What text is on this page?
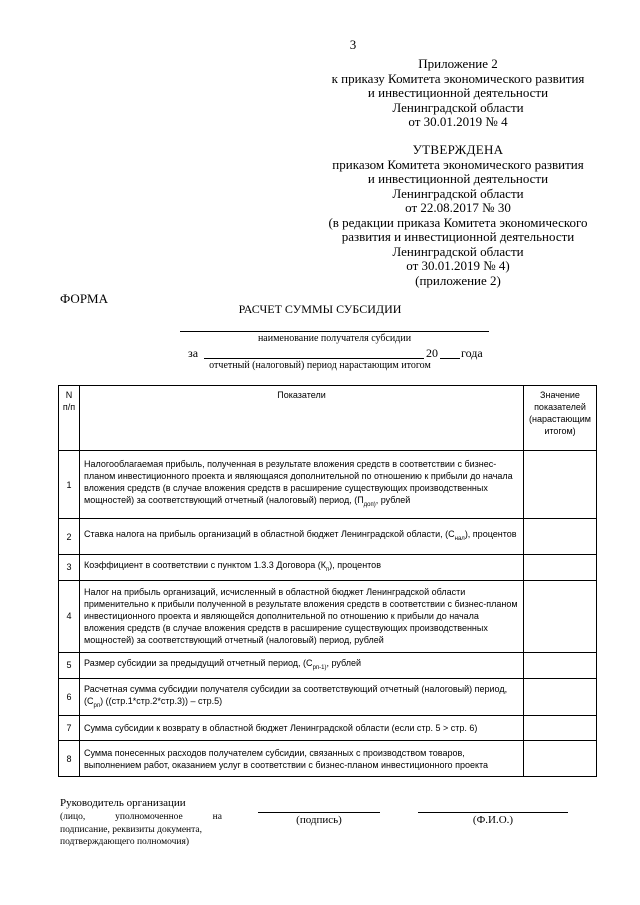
3
Приложение 2
к приказу Комитета экономического развития
и инвестиционной деятельности
Ленинградской области
от 30.01.2019 № 4
УТВЕРЖДЕНА
приказом Комитета экономического развития
и инвестиционной деятельности
Ленинградской области
от 22.08.2017 № 30
(в редакции приказа Комитета экономического
развития и инвестиционной деятельности
Ленинградской области
от 30.01.2019 № 4)
(приложение 2)
ФОРМА
РАСЧЕТ СУММЫ СУБСИДИИ
наименование получателя субсидии
за	20 года
отчетный (налоговый) период нарастающим итогом
N п/п	Показатели	Значение показателей (нарастающим итогом)
1	Налогооблагаемая прибыль, полученная в результате вложения средств в соответствии с бизнес-планом инвестиционного проекта и являющаяся дополнительной по отношению к прибыли до начала вложения средств (в случае вложения средств в расширение существующих производственных мощностей) за соответствующий отчетный (налоговый) период, ($П_{доп)}$, рублей	
2	Ставка налога на прибыль организаций в областной бюджет Ленинградской области, $(С_{нал})$, процентов	
3	Коэффициент в соответствии с пунктом 1.3.3 Договора $(К_п)$, процентов	
4	Налог на прибыль организаций, исчисленный в областной бюджет Ленинградской области применительно к прибыли полученной в результате вложения средств в соответствии с бизнес-планом инвестиционного проекта и являющейся дополнительной по отношению к прибыли до начала вложения средств (в случае вложения средств в расширение существующих производственных мощностей) за соответствующий отчетный (налоговый) период, рублей	
5	Размер субсидии за предыдущий отчетный период, ($С_{рп-1)}$, рублей	
6	Расчетная сумма субсидии получателя субсидии за соответствующий отчетный (налоговый) период, $(С_{рп})$ ((стр.1*стр.2*стр.3)) – стр.5)	
7	Сумма субсидии к возврату в областной бюджет Ленинградской области (если стр. 5 > стр. 6)	
8	Сумма понесенных расходов получателем субсидии, связанных с производством товаров, выполнением работ, оказанием услуг в соответствии с бизнес-планом инвестиционного проекта	
Руководитель организации
(лицо, уполномоченное на
подписание, реквизиты документа,
подтверждающего полномочия)
(подпись)	(Ф.И.О.)
